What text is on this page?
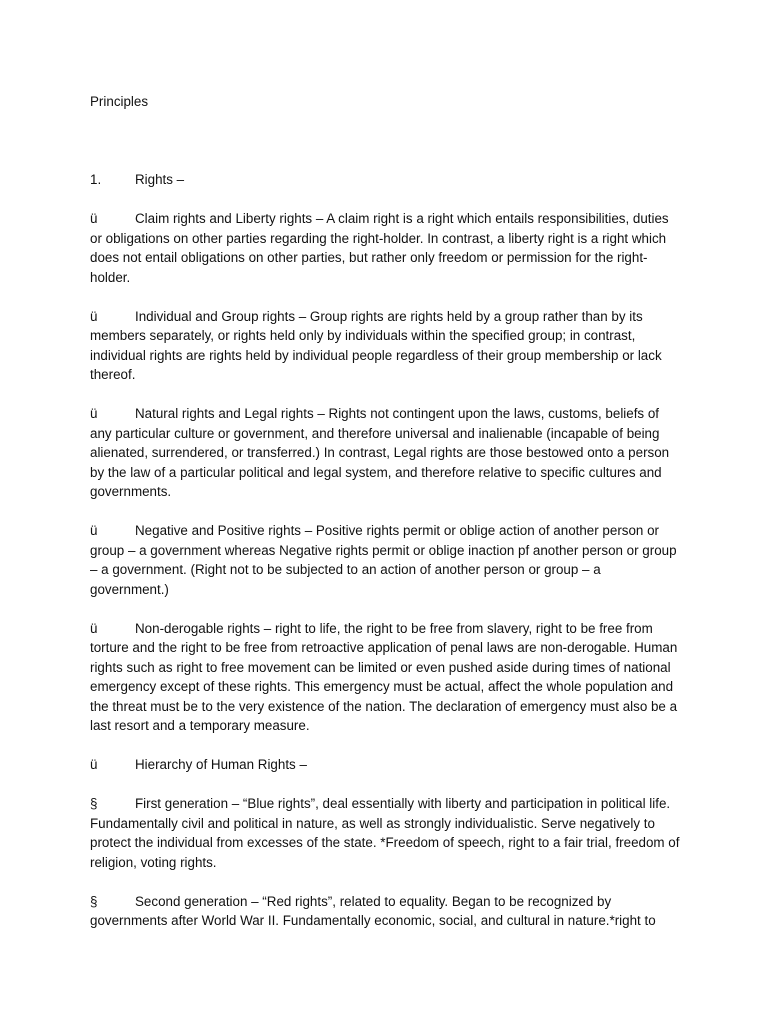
Principles

1.	Rights –

ü	Claim rights and Liberty rights – A claim right is a right which entails responsibilities, duties or obligations on other parties regarding the right-holder. In contrast, a liberty right is a right which does not entail obligations on other parties, but rather only freedom or permission for the right-holder.

ü	Individual and Group rights – Group rights are rights held by a group rather than by its members separately, or rights held only by individuals within the specified group; in contrast, individual rights are rights held by individual people regardless of their group membership or lack thereof.

ü	Natural rights and Legal rights – Rights not contingent upon the laws, customs, beliefs of any particular culture or government, and therefore universal and inalienable (incapable of being alienated, surrendered, or transferred.) In contrast, Legal rights are those bestowed onto a person by the law of a particular political and legal system, and therefore relative to specific cultures and governments.

ü	Negative and Positive rights – Positive rights permit or oblige action of another person or group – a government whereas Negative rights permit or oblige inaction pf another person or group – a government. (Right not to be subjected to an action of another person or group – a government.)

ü	Non-derogable rights – right to life, the right to be free from slavery, right to be free from torture and the right to be free from retroactive application of penal laws are non-derogable. Human rights such as right to free movement can be limited or even pushed aside during times of national emergency except of these rights. This emergency must be actual, affect the whole population and the threat must be to the very existence of the nation. The declaration of emergency must also be a last resort and a temporary measure.

ü	Hierarchy of Human Rights –

§	First generation – “Blue rights”, deal essentially with liberty and participation in political life. Fundamentally civil and political in nature, as well as strongly individualistic. Serve negatively to protect the individual from excesses of the state. *Freedom of speech, right to a fair trial, freedom of religion, voting rights.

§	Second generation – “Red rights”, related to equality. Began to be recognized by governments after World War II. Fundamentally economic, social, and cultural in nature.*right to
